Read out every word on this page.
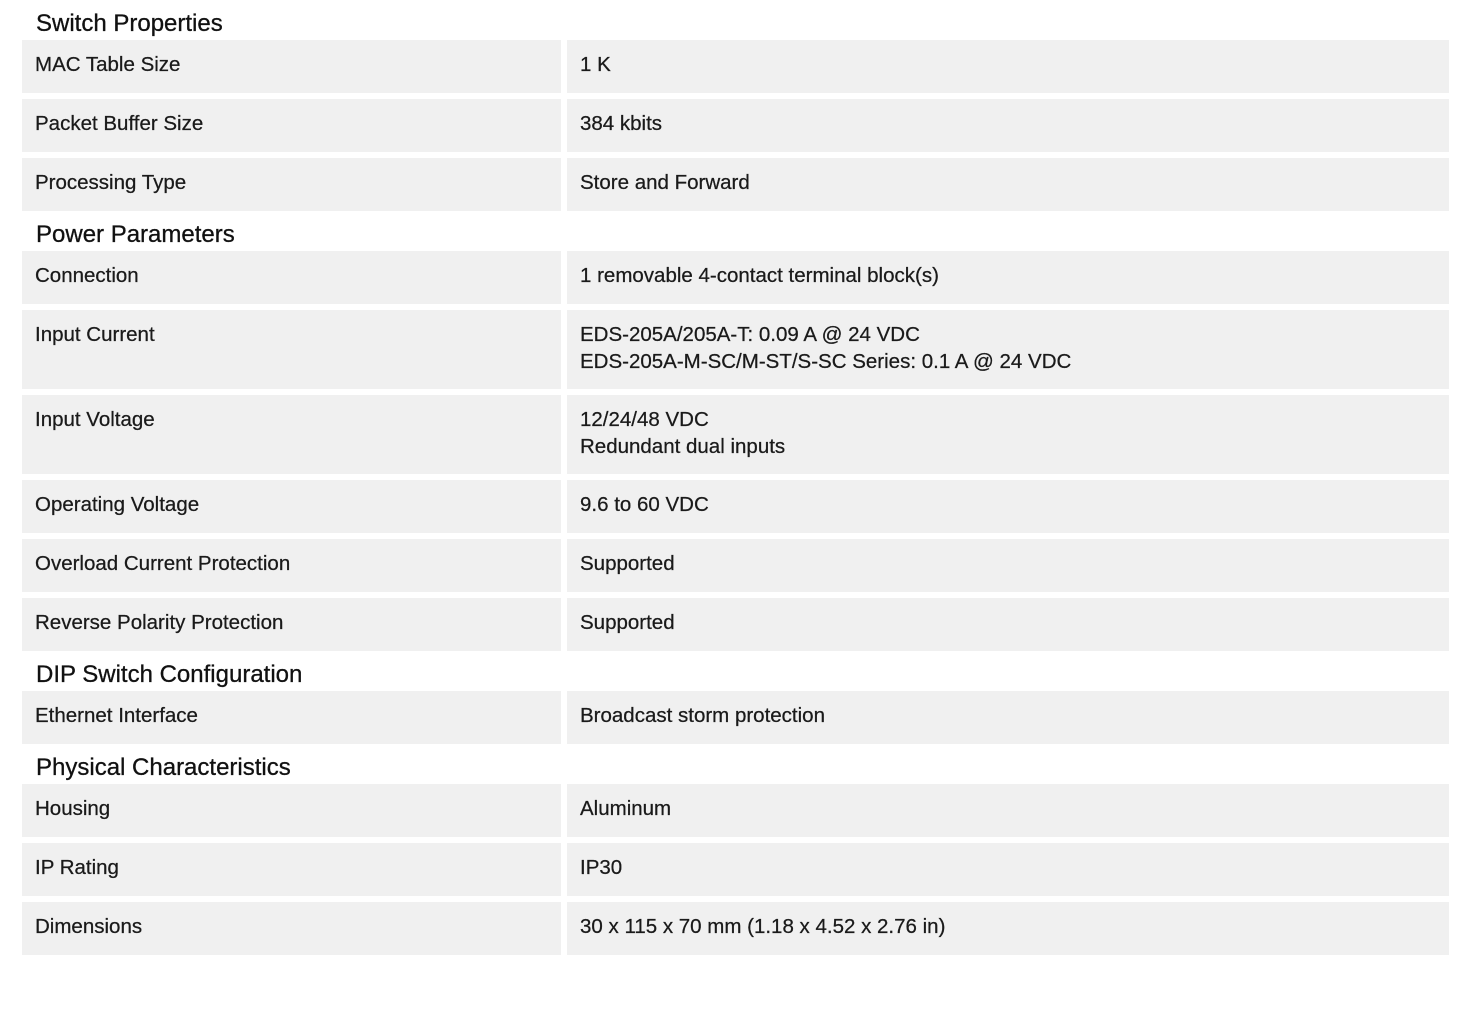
Switch Properties
MAC Table Size	1 K
Packet Buffer Size	384 kbits
Processing Type	Store and Forward
Power Parameters
Connection	1 removable 4-contact terminal block(s)
Input Current	EDS-205A/205A-T: 0.09 A @ 24 VDC
EDS-205A-M-SC/M-ST/S-SC Series: 0.1 A @ 24 VDC
Input Voltage	12/24/48 VDC
Redundant dual inputs
Operating Voltage	9.6 to 60 VDC
Overload Current Protection	Supported
Reverse Polarity Protection	Supported
DIP Switch Configuration
Ethernet Interface	Broadcast storm protection
Physical Characteristics
Housing	Aluminum
IP Rating	IP30
Dimensions	30 x 115 x 70 mm (1.18 x 4.52 x 2.76 in)
